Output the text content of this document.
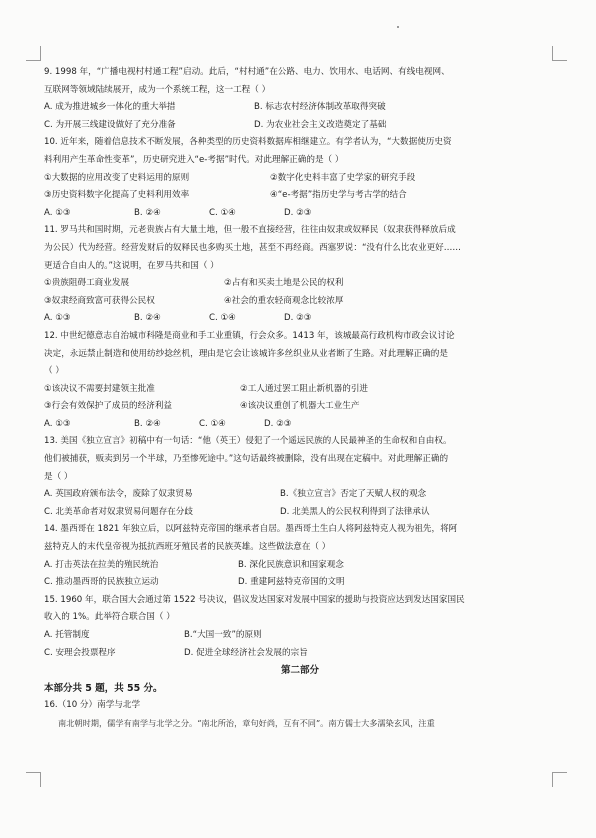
9. 1998 年，“广播电视村村通工程”启动。此后，“村村通”在公路、电力、饮用水、电话网、有线电视网、
互联网等领域陆续展开，成为一个系统工程，这一工程（ ）
A. 成为推进城乡一体化的重大举措	B. 标志农村经济体制改革取得突破
C. 为开展三线建设做好了充分准备	D. 为农业社会主义改造奠定了基础
10. 近年来，随着信息技术不断发展，各种类型的历史资料数据库相继建立。有学者认为，“大数据使历史资
料利用产生革命性变革”，历史研究进入“e-考据”时代。对此理解正确的是（ ）
①大数据的应用改变了史料运用的原则	②数字化史料丰富了史学家的研究手段
③历史资料数字化提高了史料利用效率	④“e-考据”指历史学与考古学的结合
A. ①③	B. ②④	C. ①④	D. ②③
11. 罗马共和国时期，元老贵族占有大量土地，但一般不直接经营，往往由奴隶或奴释民（奴隶获得释放后成
为公民）代为经营。经营发财后的奴释民也多购买土地，甚至不再经商。西塞罗说：“没有什么比农业更好……
更适合自由人的。”这说明，在罗马共和国（ ）
①贵族阻碍工商业发展	②占有和买卖土地是公民的权利
③奴隶经商致富可获得公民权	④社会的重农轻商观念比较浓厚
A. ①③	B. ②④	C. ①④	D. ②③
12. 中世纪德意志自治城市科隆是商业和手工业重镇，行会众多。1413 年，该城最高行政机构市政会议讨论
决定，永远禁止制造和使用纺纱捻丝机，理由是它会让该城许多丝织业从业者断了生路。对此理解正确的是
（ ）
①该决议不需要封建领主批准	②工人通过罢工阻止新机器的引进
③行会有效保护了成员的经济利益	④该决议重创了机器大工业生产
A. ①③	B. ②④	C. ①④	D. ②③
13. 美国《独立宣言》初稿中有一句话：“他（英王）侵犯了一个遥远民族的人民最神圣的生命权和自由权。
他们被捕获，贩卖到另一个半球，乃至惨死途中。”这句话最终被删除，没有出现在定稿中。对此理解正确的
是（ ）
A. 英国政府颁布法令，废除了奴隶贸易	B.《独立宣言》否定了天赋人权的观念
C. 北美革命者对奴隶贸易问题存在分歧	D. 北美黑人的公民权利得到了法律承认
14. 墨西哥在 1821 年独立后，以阿兹特克帝国的继承者自居。墨西哥土生白人将阿兹特克人视为祖先，将阿
兹特克人的末代皇帝视为抵抗西班牙殖民者的民族英雄。这些做法意在（ ）
A. 打击英法在拉美的殖民统治	B. 深化民族意识和国家观念
C. 推动墨西哥的民族独立运动	D. 重建阿兹特克帝国的文明
15. 1960 年，联合国大会通过第 1522 号决议，倡议发达国家对发展中国家的援助与投资应达到发达国家国民
收入的 1%。此举符合联合国（ ）
A. 托管制度	B.“大国一致”的原则
C. 安理会投票程序	D. 促进全球经济社会发展的宗旨
第二部分
本部分共 5 题，共 55 分。
16.（10 分）南学与北学
南北朝时期，儒学有南学与北学之分。“南北所治，章句好尚，互有不同”。南方儒士大多濡染玄风，注重
